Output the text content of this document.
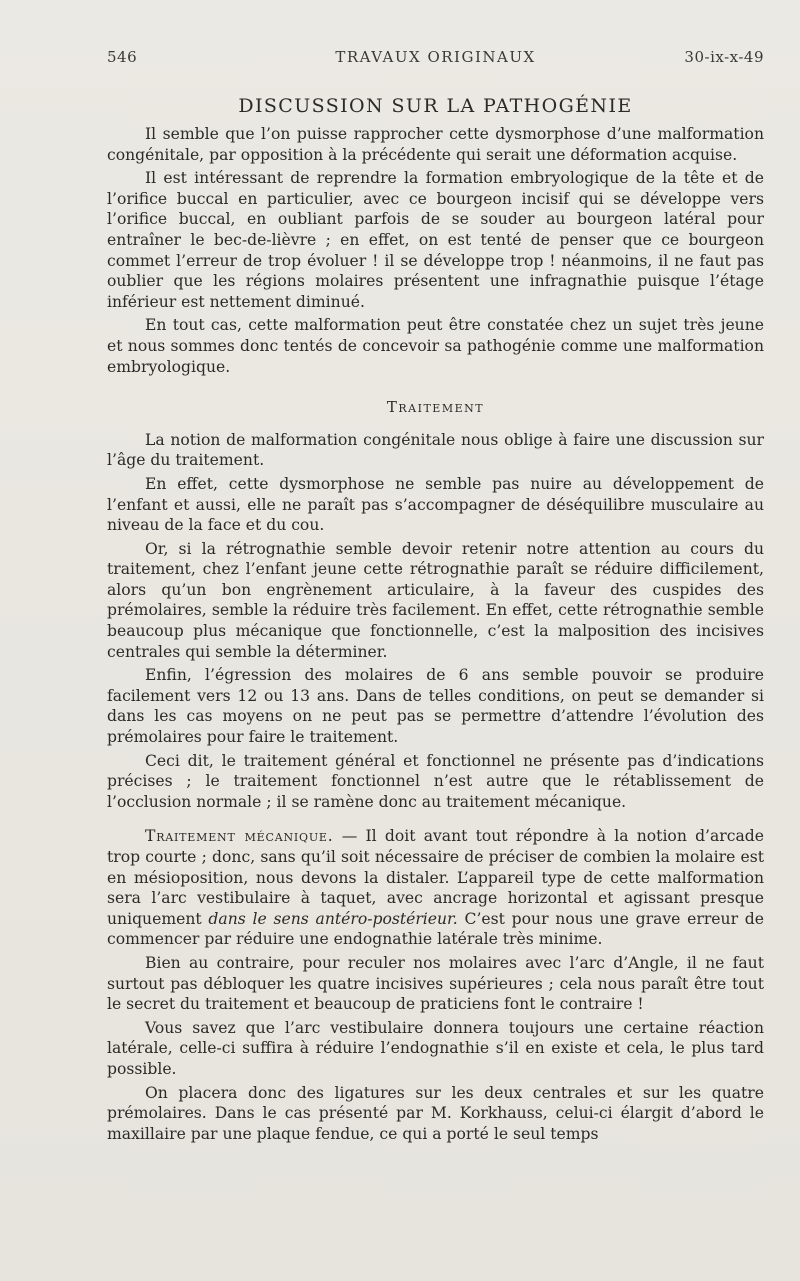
546	TRAVAUX ORIGINAUX	30-ix-x-49
DISCUSSION SUR LA PATHOGÉNIE

Il semble que l’on puisse rapprocher cette dysmorphose d’une malformation congénitale, par opposition à la précédente qui serait une déformation acquise.

Il est intéressant de reprendre la formation embryologique de la tête et de l’orifice buccal en particulier, avec ce bourgeon incisif qui se développe vers l’orifice buccal, en oubliant parfois de se souder au bourgeon latéral pour entraîner le bec-de-lièvre ; en effet, on est tenté de penser que ce bourgeon commet l’erreur de trop évoluer ! il se développe trop ! néanmoins, il ne faut pas oublier que les régions molaires présentent une infragnathie puisque l’étage inférieur est nettement diminué.

En tout cas, cette malformation peut être constatée chez un sujet très jeune et nous sommes donc tentés de concevoir sa pathogénie comme une malformation embryologique.

Traitement

La notion de malformation congénitale nous oblige à faire une discussion sur l’âge du traitement.

En effet, cette dysmorphose ne semble pas nuire au développement de l’enfant et aussi, elle ne paraît pas s’accompagner de déséquilibre musculaire au niveau de la face et du cou.

Or, si la rétrognathie semble devoir retenir notre attention au cours du traitement, chez l’enfant jeune cette rétrognathie paraît se réduire difficilement, alors qu’un bon engrènement articulaire, à la faveur des cuspides des prémolaires, semble la réduire très facilement. En effet, cette rétrognathie semble beaucoup plus mécanique que fonctionnelle, c’est la malposition des incisives centrales qui semble la déterminer.

Enfin, l’égression des molaires de 6 ans semble pouvoir se produire facilement vers 12 ou 13 ans. Dans de telles conditions, on peut se demander si dans les cas moyens on ne peut pas se permettre d’attendre l’évolution des prémolaires pour faire le traitement.

Ceci dit, le traitement général et fonctionnel ne présente pas d’indications précises ; le traitement fonctionnel n’est autre que le rétablissement de l’occlusion normale ; il se ramène donc au traitement mécanique.

Traitement mécanique. — Il doit avant tout répondre à la notion d’arcade trop courte ; donc, sans qu’il soit nécessaire de préciser de combien la molaire est en mésioposition, nous devons la distaler. L’appareil type de cette malformation sera l’arc vestibulaire à taquet, avec ancrage horizontal et agissant presque uniquement dans le sens antéro-postérieur. C’est pour nous une grave erreur de commencer par réduire une endognathie latérale très minime.

Bien au contraire, pour reculer nos molaires avec l’arc d’Angle, il ne faut surtout pas débloquer les quatre incisives supérieures ; cela nous paraît être tout le secret du traitement et beaucoup de praticiens font le contraire !

Vous savez que l’arc vestibulaire donnera toujours une certaine réaction latérale, celle-ci suffira à réduire l’endognathie s’il en existe et cela, le plus tard possible.

On placera donc des ligatures sur les deux centrales et sur les quatre prémolaires. Dans le cas présenté par M. Korkhauss, celui-ci élargit d’abord le maxillaire par une plaque fendue, ce qui a porté le seul temps
